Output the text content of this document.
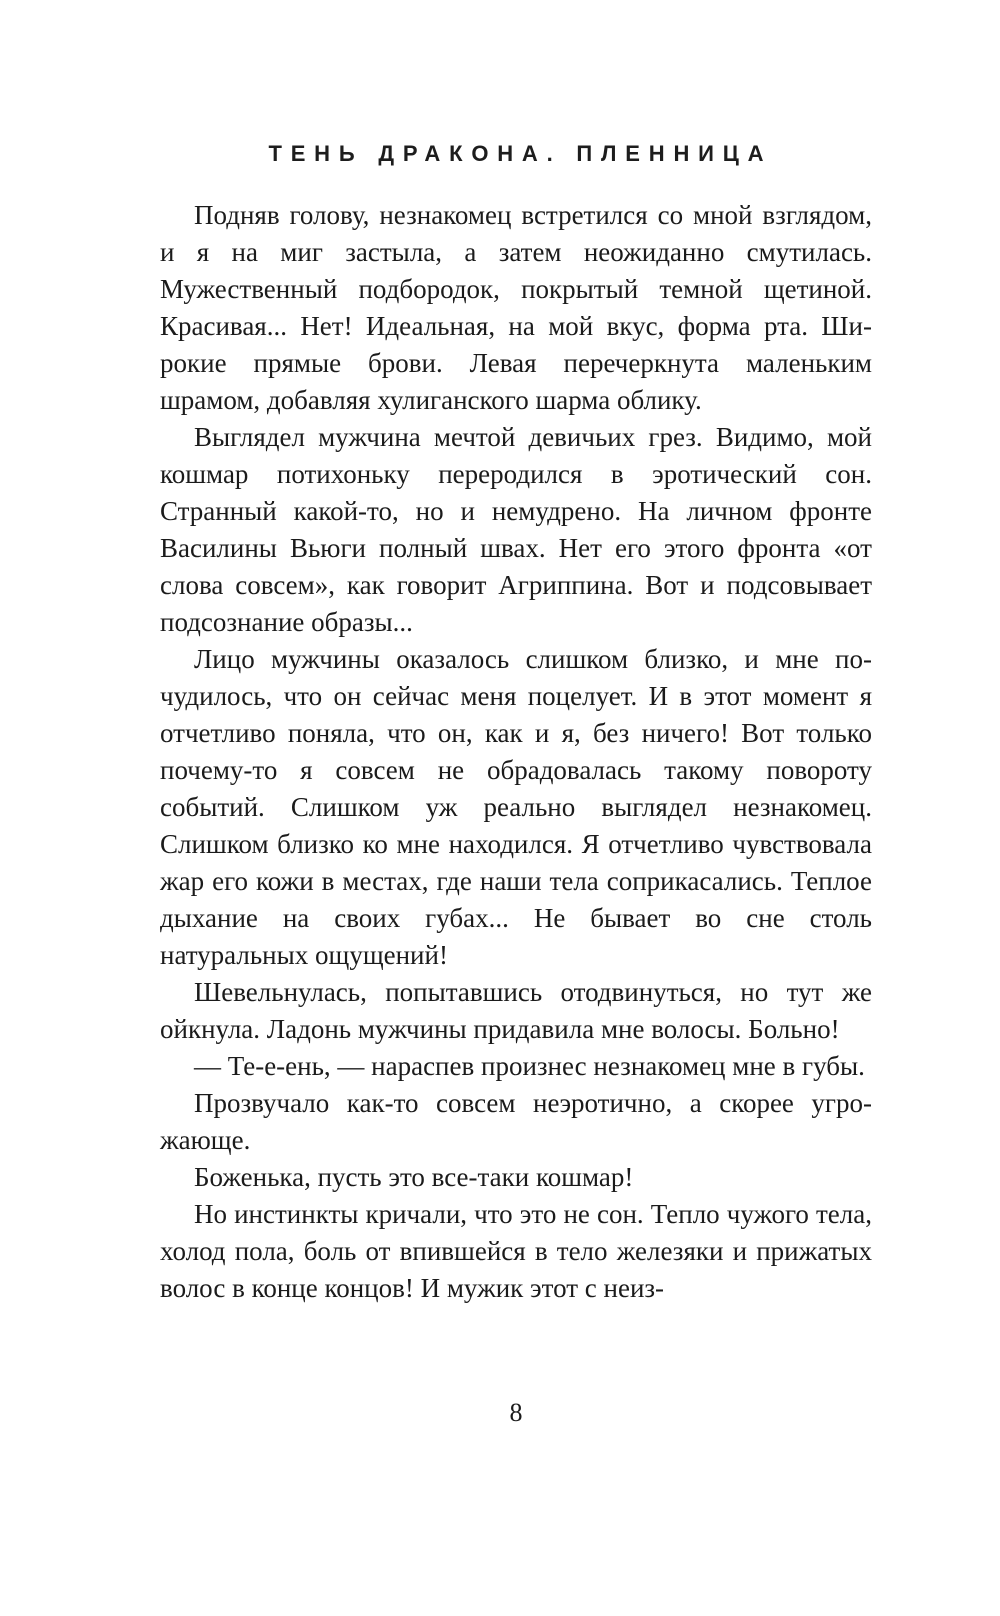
ТЕНЬ ДРАКОНА. ПЛЕННИЦА

Подняв голову, незнакомец встретился со мной взглядом, и я на миг застыла, а затем неожиданно смутилась. Мужественный подбородок, покрытый темной щетиной. Красивая... Нет! Идеальная, на мой вкус, форма рта. Широкие прямые брови. Левая перечеркнута маленьким шрамом, добавляя хулиганского шарма облику.

Выглядел мужчина мечтой девичьих грез. Видимо, мой кошмар потихоньку переродился в эротический сон. Странный какой-то, но и немудрено. На личном фронте Василины Вьюги полный швах. Нет его этого фронта «от слова совсем», как говорит Агриппина. Вот и подсовывает подсознание образы...

Лицо мужчины оказалось слишком близко, и мне почудилось, что он сейчас меня поцелует. И в этот момент я отчетливо поняла, что он, как и я, без ничего! Вот только почему-то я совсем не обрадовалась такому повороту событий. Слишком уж реально выглядел незнакомец. Слишком близко ко мне находился. Я отчетливо чувствовала жар его кожи в местах, где наши тела соприкасались. Теплое дыхание на своих губах... Не бывает во сне столь натуральных ощущений!

Шевельнулась, попытавшись отодвинуться, но тут же ойкнула. Ладонь мужчины придавила мне волосы. Больно!

— Те-е-ень, — нараспев произнес незнакомец мне в губы.

Прозвучало как-то совсем неэротично, а скорее угрожающе.

Боженька, пусть это все-таки кошмар!

Но инстинкты кричали, что это не сон. Тепло чужого тела, холод пола, боль от впившейся в тело железяки и прижатых волос в конце концов! И мужик этот с неиз-

8
